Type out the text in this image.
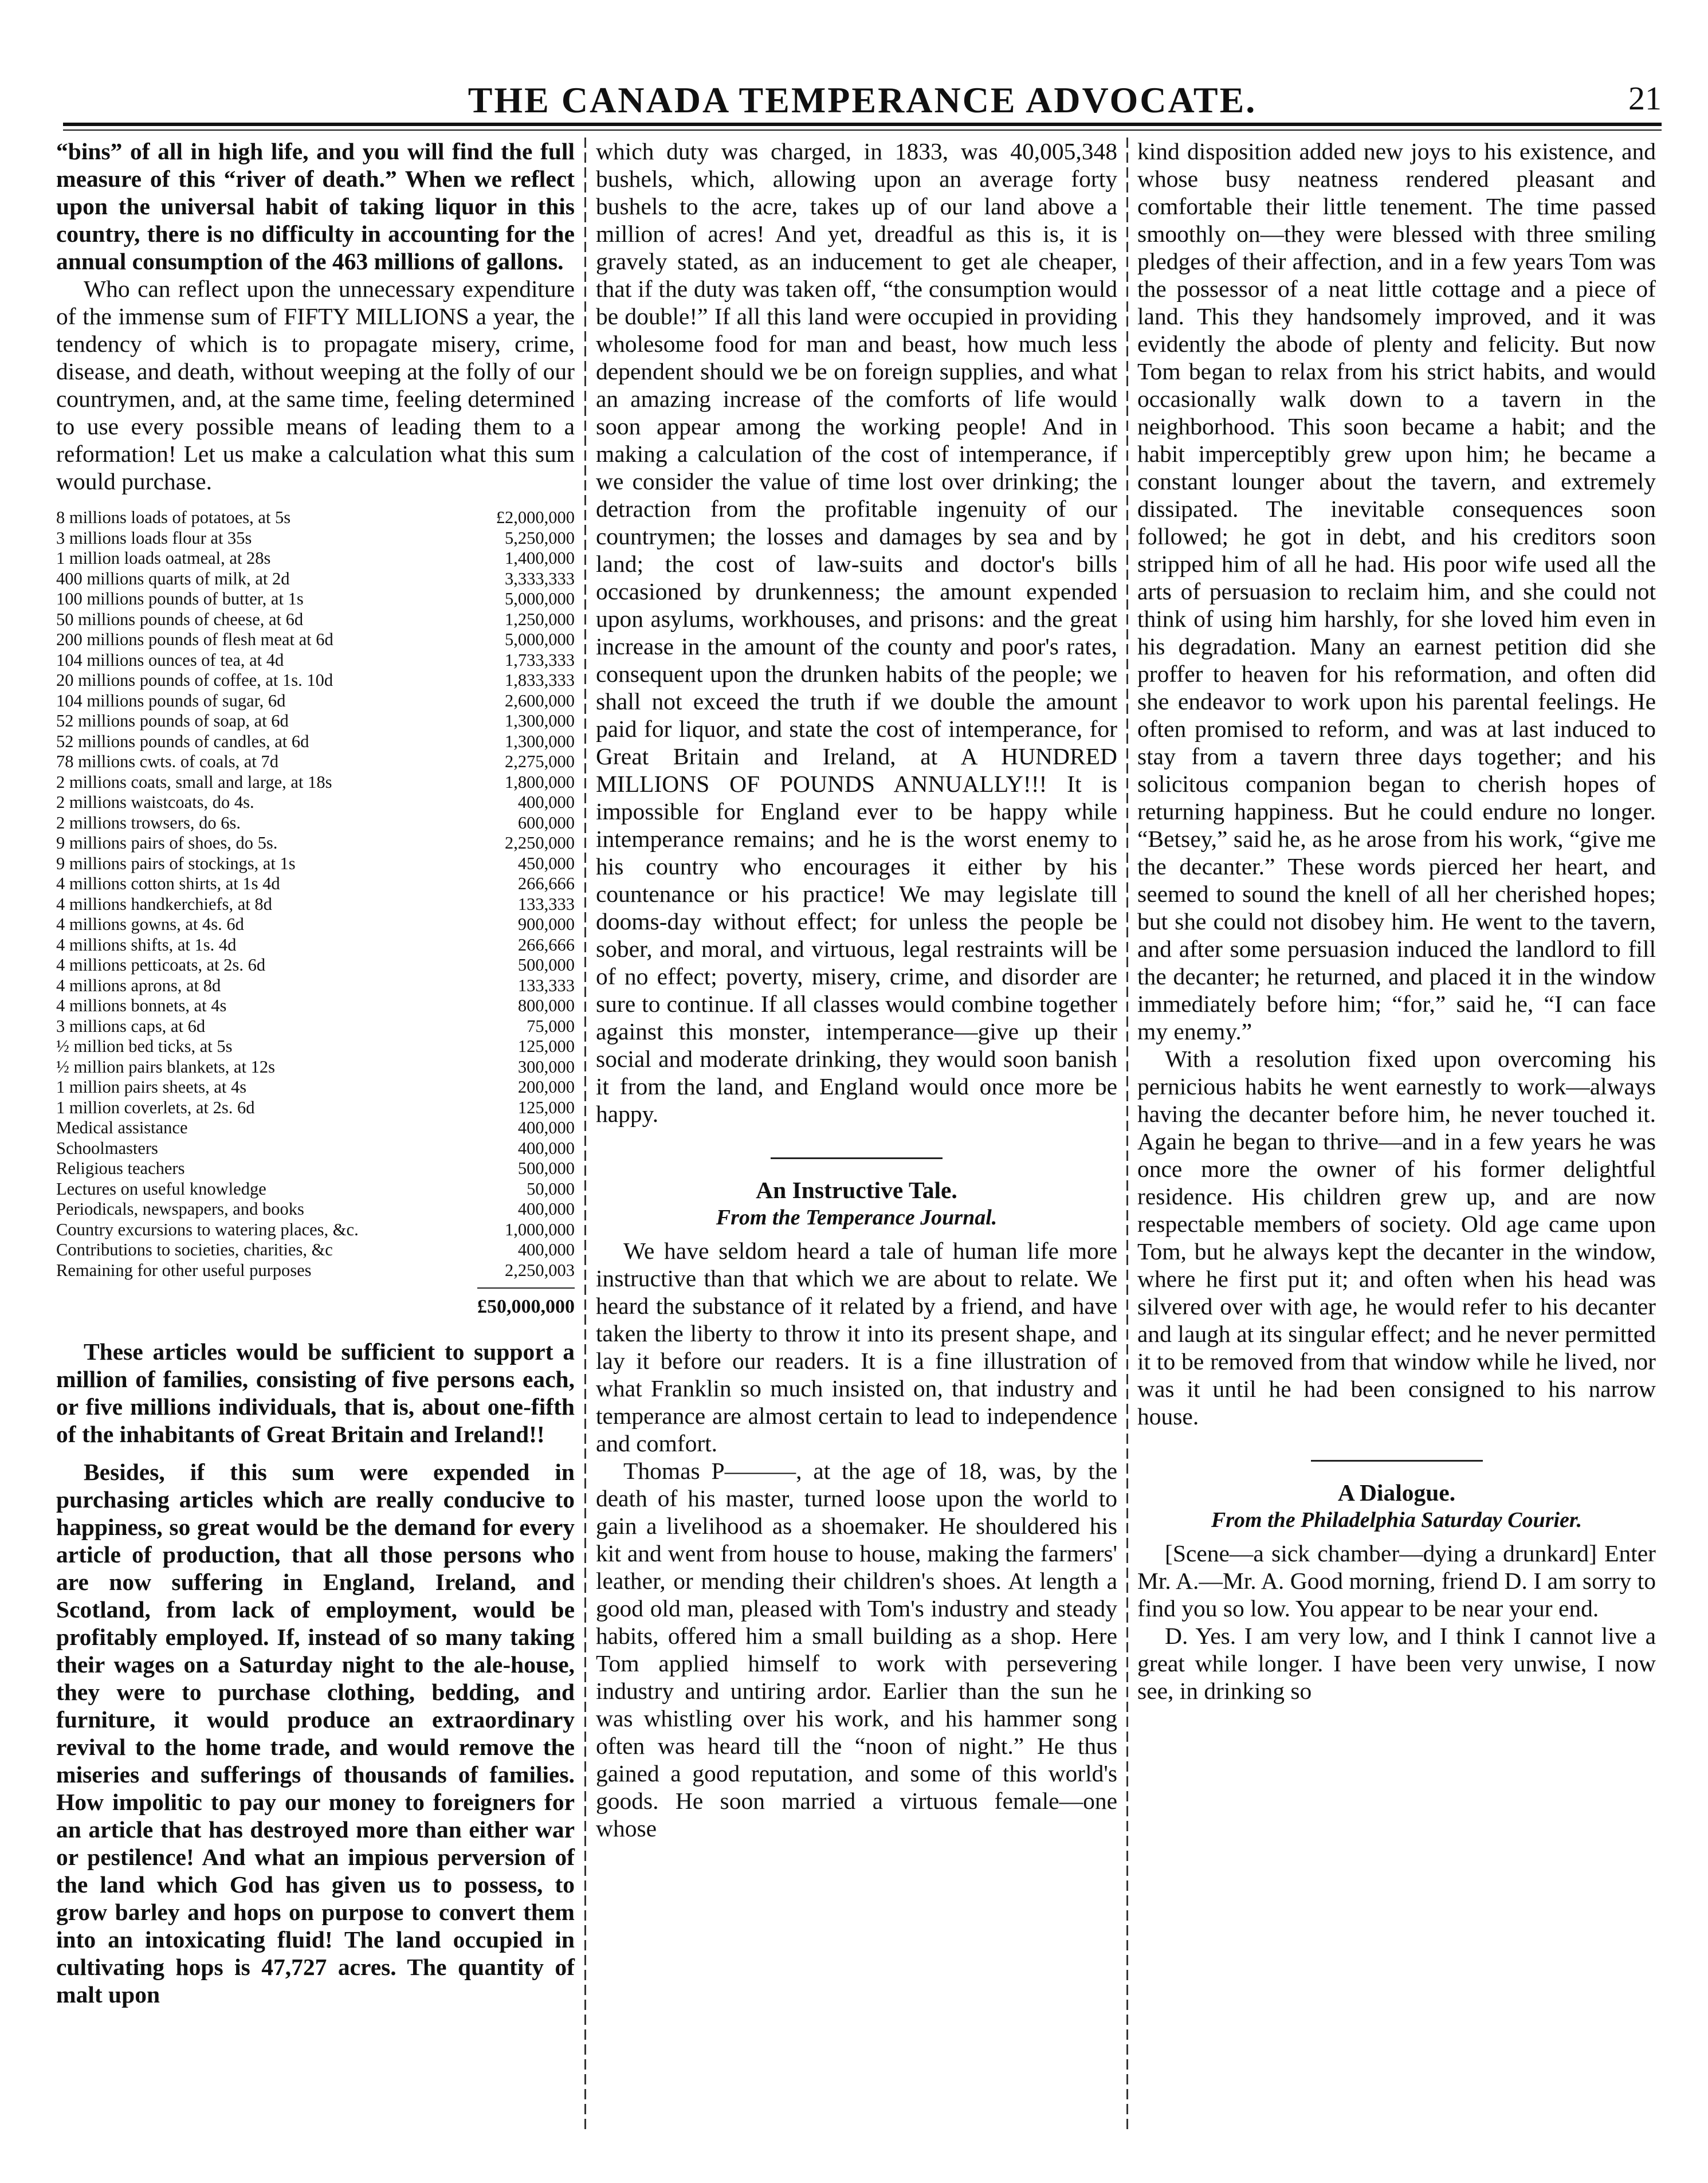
THE CANADA TEMPERANCE ADVOCATE.	21

“bins” of all in high life, and you will find the full measure of this “river of death.” When we reflect upon the universal habit of taking liquor in this country, there is no difficulty in accounting for the annual consumption of the 463 millions of gallons.

Who can reflect upon the unnecessary expenditure of the immense sum of FIFTY MILLIONS a year, the tendency of which is to propagate misery, crime, disease, and death, without weeping at the folly of our countrymen, and, at the same time, feeling determined to use every possible means of leading them to a reformation! Let us make a calculation what this sum would purchase.

8 millions loads of potatoes, at 5s	£2,000,000
3 millions loads flour at 35s	5,250,000
1 million loads oatmeal, at 28s	1,400,000
400 millions quarts of milk, at 2d	3,333,333
100 millions pounds of butter, at 1s	5,000,000
50 millions pounds of cheese, at 6d	1,250,000
200 millions pounds of flesh meat at 6d	5,000,000
104 millions ounces of tea, at 4d	1,733,333
20 millions pounds of coffee, at 1s. 10d	1,833,333
104 millions pounds of sugar, 6d	2,600,000
52 millions pounds of soap, at 6d	1,300,000
52 millions pounds of candles, at 6d	1,300,000
78 millions cwts. of coals, at 7d	2,275,000
2 millions coats, small and large, at 18s	1,800,000
2 millions waistcoats, do 4s.	400,000
2 millions trowsers, do 6s.	600,000
9 millions pairs of shoes, do 5s.	2,250,000
9 millions pairs of stockings, at 1s	450,000
4 millions cotton shirts, at 1s 4d	266,666
4 millions handkerchiefs, at 8d	133,333
4 millions gowns, at 4s. 6d	900,000
4 millions shifts, at 1s. 4d	266,666
4 millions petticoats, at 2s. 6d	500,000
4 millions aprons, at 8d	133,333
4 millions bonnets, at 4s	800,000
3 millions caps, at 6d	75,000
½ million bed ticks, at 5s	125,000
½ million pairs blankets, at 12s	300,000
1 million pairs sheets, at 4s	200,000
1 million coverlets, at 2s. 6d	125,000
Medical assistance	400,000
Schoolmasters	400,000
Religious teachers	500,000
Lectures on useful knowledge	50,000
Periodicals, newspapers, and books	400,000
Country excursions to watering places, &c.	1,000,000
Contributions to societies, charities, &c	400,000
Remaining for other useful purposes	2,250,003
£50,000,000

These articles would be sufficient to support a million of families, consisting of five persons each, or five millions individuals, that is, about one-fifth of the inhabitants of Great Britain and Ireland!!

Besides, if this sum were expended in purchasing articles which are really conducive to happiness, so great would be the demand for every article of production, that all those persons who are now suffering in England, Ireland, and Scotland, from lack of employment, would be profitably employed. If, instead of so many taking their wages on a Saturday night to the ale-house, they were to purchase clothing, bedding, and furniture, it would produce an extraordinary revival to the home trade, and would remove the miseries and sufferings of thousands of families. How impolitic to pay our money to foreigners for an article that has destroyed more than either war or pestilence! And what an impious perversion of the land which God has given us to possess, to grow barley and hops on purpose to convert them into an intoxicating fluid! The land occupied in cultivating hops is 47,727 acres. The quantity of malt upon

which duty was charged, in 1833, was 40,005,348 bushels, which, allowing upon an average forty bushels to the acre, takes up of our land above a million of acres! And yet, dreadful as this is, it is gravely stated, as an inducement to get ale cheaper, that if the duty was taken off, “the consumption would be double!” If all this land were occupied in providing wholesome food for man and beast, how much less dependent should we be on foreign supplies, and what an amazing increase of the comforts of life would soon appear among the working people! And in making a calculation of the cost of intemperance, if we consider the value of time lost over drinking; the detraction from the profitable ingenuity of our countrymen; the losses and damages by sea and by land; the cost of law-suits and doctor's bills occasioned by drunkenness; the amount expended upon asylums, workhouses, and prisons: and the great increase in the amount of the county and poor's rates, consequent upon the drunken habits of the people; we shall not exceed the truth if we double the amount paid for liquor, and state the cost of intemperance, for Great Britain and Ireland, at A HUNDRED MILLIONS OF POUNDS ANNUALLY!!! It is impossible for England ever to be happy while intemperance remains; and he is the worst enemy to his country who encourages it either by his countenance or his practice! We may legislate till dooms-day without effect; for unless the people be sober, and moral, and virtuous, legal restraints will be of no effect; poverty, misery, crime, and disorder are sure to continue. If all classes would combine together against this monster, intemperance—give up their social and moderate drinking, they would soon banish it from the land, and England would once more be happy.

An Instructive Tale.

From the Temperance Journal.

We have seldom heard a tale of human life more instructive than that which we are about to relate. We heard the substance of it related by a friend, and have taken the liberty to throw it into its present shape, and lay it before our readers. It is a fine illustration of what Franklin so much insisted on, that industry and temperance are almost certain to lead to independence and comfort.

Thomas P———, at the age of 18, was, by the death of his master, turned loose upon the world to gain a livelihood as a shoemaker. He shouldered his kit and went from house to house, making the farmers' leather, or mending their children's shoes. At length a good old man, pleased with Tom's industry and steady habits, offered him a small building as a shop. Here Tom applied himself to work with persevering industry and untiring ardor. Earlier than the sun he was whistling over his work, and his hammer song often was heard till the “noon of night.” He thus gained a good reputation, and some of this world's goods. He soon married a virtuous female—one whose

kind disposition added new joys to his existence, and whose busy neatness rendered pleasant and comfortable their little tenement. The time passed smoothly on—they were blessed with three smiling pledges of their affection, and in a few years Tom was the possessor of a neat little cottage and a piece of land. This they handsomely improved, and it was evidently the abode of plenty and felicity. But now Tom began to relax from his strict habits, and would occasionally walk down to a tavern in the neighborhood. This soon became a habit; and the habit imperceptibly grew upon him; he became a constant lounger about the tavern, and extremely dissipated. The inevitable consequences soon followed; he got in debt, and his creditors soon stripped him of all he had. His poor wife used all the arts of persuasion to reclaim him, and she could not think of using him harshly, for she loved him even in his degradation. Many an earnest petition did she proffer to heaven for his reformation, and often did she endeavor to work upon his parental feelings. He often promised to reform, and was at last induced to stay from a tavern three days together; and his solicitous companion began to cherish hopes of returning happiness. But he could endure no longer. “Betsey,” said he, as he arose from his work, “give me the decanter.” These words pierced her heart, and seemed to sound the knell of all her cherished hopes; but she could not disobey him. He went to the tavern, and after some persuasion induced the landlord to fill the decanter; he returned, and placed it in the window immediately before him; “for,” said he, “I can face my enemy.”

With a resolution fixed upon overcoming his pernicious habits he went earnestly to work—always having the decanter before him, he never touched it. Again he began to thrive—and in a few years he was once more the owner of his former delightful residence. His children grew up, and are now respectable members of society. Old age came upon Tom, but he always kept the decanter in the window, where he first put it; and often when his head was silvered over with age, he would refer to his decanter and laugh at its singular effect; and he never permitted it to be removed from that window while he lived, nor was it until he had been consigned to his narrow house.

A Dialogue.

From the Philadelphia Saturday Courier.

[Scene—a sick chamber—dying a drunkard] Enter Mr. A.—Mr. A. Good morning, friend D. I am sorry to find you so low. You appear to be near your end.

D. Yes. I am very low, and I think I cannot live a great while longer. I have been very unwise, I now see, in drinking so
